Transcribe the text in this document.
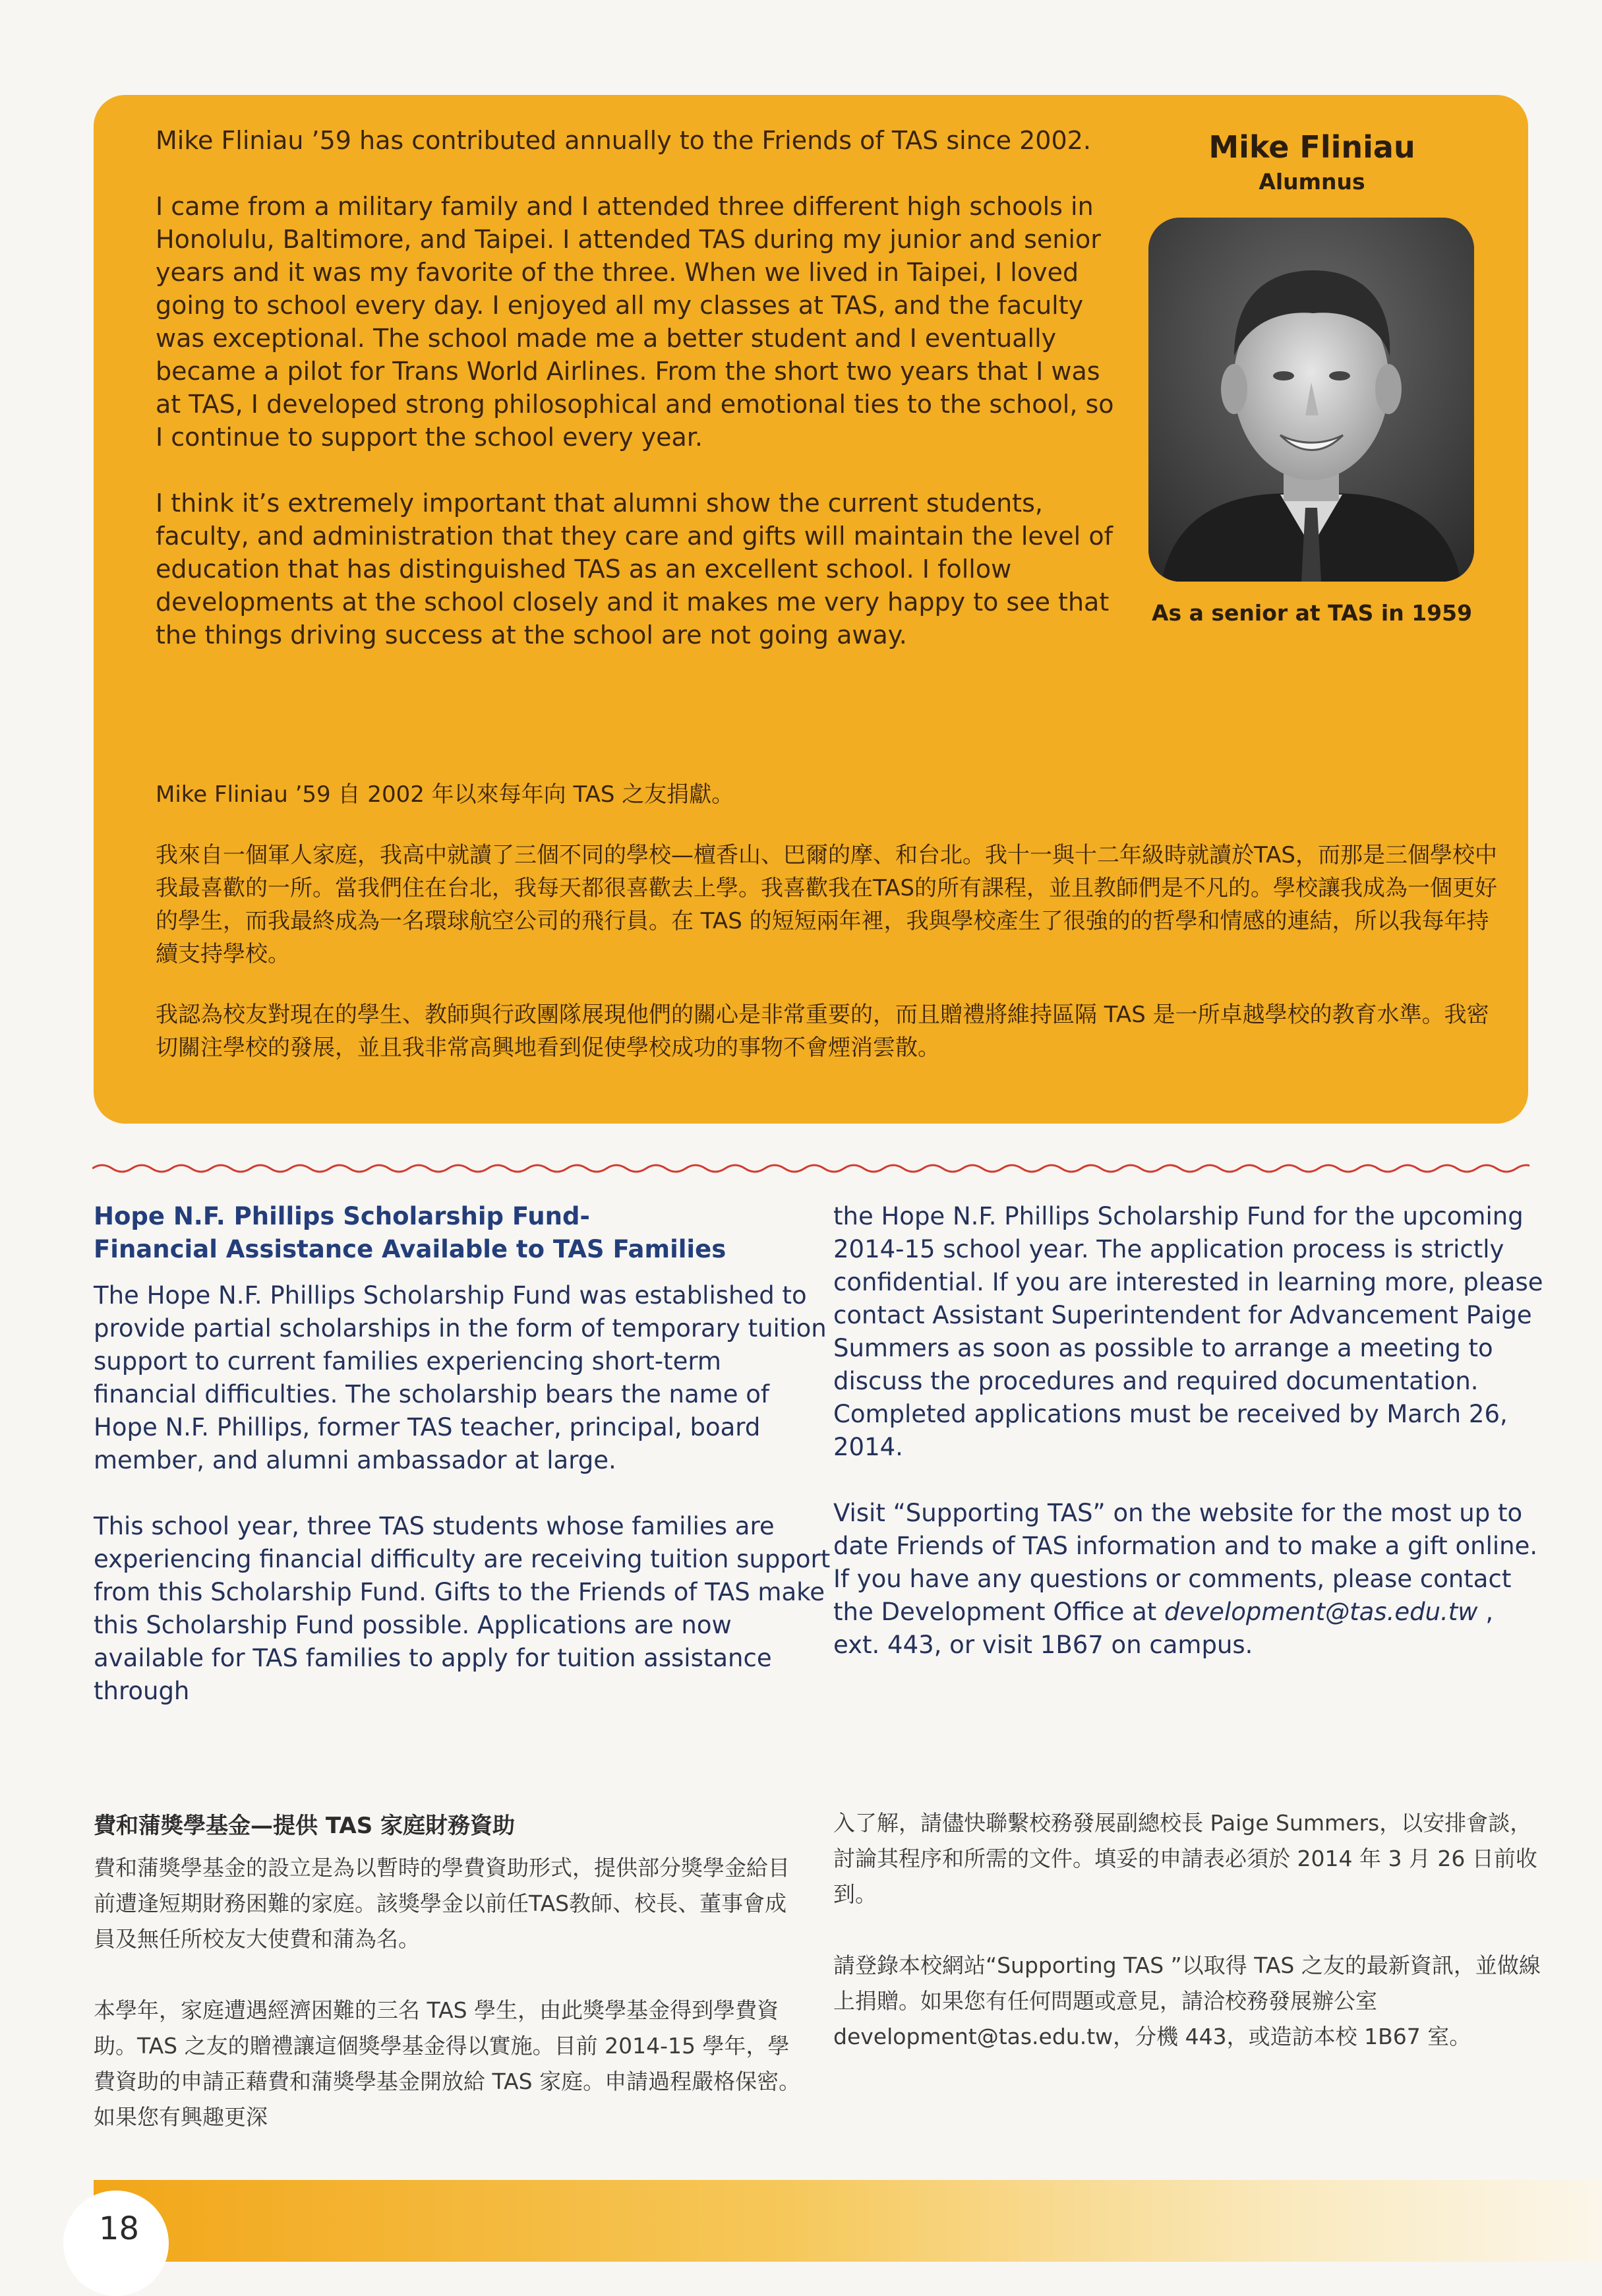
Mike Fliniau ’59 has contributed annually to the Friends of TAS since 2002.

I came from a military family and I attended three different high schools in Honolulu, Baltimore, and Taipei. I attended TAS during my junior and senior years and it was my favorite of the three. When we lived in Taipei, I loved going to school every day. I enjoyed all my classes at TAS, and the faculty was exceptional. The school made me a better student and I eventually became a pilot for Trans World Airlines. From the short two years that I was at TAS, I developed strong philosophical and emotional ties to the school, so I continue to support the school every year.

I think it’s extremely important that alumni show the current students, faculty, and administration that they care and gifts will maintain the level of education that has distinguished TAS as an excellent school. I follow developments at the school closely and it makes me very happy to see that the things driving success at the school are not going away.

Mike Fliniau
Alumnus
As a senior at TAS in 1959

Mike Fliniau ’59 自 2002 年以來每年向 TAS 之友捐獻。

我來自一個軍人家庭，我高中就讀了三個不同的學校—檀香山、巴爾的摩、和台北。我十一與十二年級時就讀於TAS，而那是三個學校中我最喜歡的一所。當我們住在台北，我每天都很喜歡去上學。我喜歡我在TAS的所有課程，並且教師們是不凡的。學校讓我成為一個更好的學生，而我最終成為一名環球航空公司的飛行員。在 TAS 的短短兩年裡，我與學校產生了很強的的哲學和情感的連結，所以我每年持續支持學校。

我認為校友對現在的學生、教師與行政團隊展現他們的關心是非常重要的，而且贈禮將維持區隔 TAS 是一所卓越學校的教育水準。我密切關注學校的發展，並且我非常高興地看到促使學校成功的事物不會煙消雲散。

Hope N.F. Phillips Scholarship Fund-
Financial Assistance Available to TAS Families

The Hope N.F. Phillips Scholarship Fund was established to provide partial scholarships in the form of temporary tuition support to current families experiencing short-term financial difficulties. The scholarship bears the name of Hope N.F. Phillips, former TAS teacher, principal, board member, and alumni ambassador at large.

This school year, three TAS students whose families are experiencing financial difficulty are receiving tuition support from this Scholarship Fund. Gifts to the Friends of TAS make this Scholarship Fund possible. Applications are now available for TAS families to apply for tuition assistance through

the Hope N.F. Phillips Scholarship Fund for the upcoming 2014-15 school year. The application process is strictly confidential. If you are interested in learning more, please contact Assistant Superintendent for Advancement Paige Summers as soon as possible to arrange a meeting to discuss the procedures and required documentation. Completed applications must be received by March 26, 2014.

Visit “Supporting TAS” on the website for the most up to date Friends of TAS information and to make a gift online. If you have any questions or comments, please contact the Development Office at development@tas.edu.tw , ext. 443, or visit 1B67 on campus.

費和蒲獎學基金—提供 TAS 家庭財務資助

費和蒲獎學基金的設立是為以暫時的學費資助形式，提供部分獎學金給目前遭逢短期財務困難的家庭。該獎學金以前任TAS教師、校長、董事會成員及無任所校友大使費和蒲為名。

本學年，家庭遭遇經濟困難的三名 TAS 學生，由此獎學基金得到學費資助。TAS 之友的贈禮讓這個獎學基金得以實施。目前 2014-15 學年，學費資助的申請正藉費和蒲獎學基金開放給 TAS 家庭。申請過程嚴格保密。如果您有興趣更深

入了解，請儘快聯繫校務發展副總校長 Paige Summers，以安排會談，討論其程序和所需的文件。填妥的申請表必須於 2014 年 3 月 26 日前收到。

請登錄本校網站“Supporting TAS ”以取得 TAS 之友的最新資訊，並做線上捐贈。如果您有任何問題或意見，請洽校務發展辦公室 development@tas.edu.tw，分機 443，或造訪本校 1B67 室。

18
